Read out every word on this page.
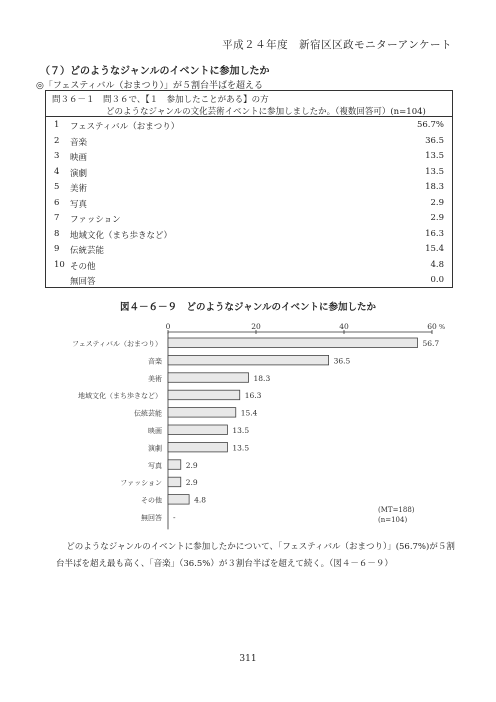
平成２４年度　新宿区区政モニターアンケート
（７）どのようなジャンルのイベントに参加したか
◎「フェスティバル（おまつり）」が５割台半ばを超える
問３６－１　問３６で、【１　参加したことがある】の方
どのようなジャンルの文化芸術イベントに参加しましたか。（複数回答可）(n=104)
1 フェスティバル（おまつり）	56.7%
2 音楽	36.5
3 映画	13.5
4 演劇	13.5
5 美術	18.3
6 写真	2.9
7 ファッション	2.9
8 地域文化（まち歩きなど）	16.3
9 伝統芸能	15.4
10 その他	4.8
無回答	0.0
図４－６－９　どのようなジャンルのイベントに参加したか
0	20	40	60 %
フェスティバル（おまつり）	56.7
音楽	36.5
美術	18.3
地域文化（まち歩きなど）	16.3
伝統芸能	15.4
映画	13.5
演劇	13.5
写真	2.9
ファッション	2.9
その他	4.8
無回答 -
(MT=188)
(n=104)
どのようなジャンルのイベントに参加したかについて、「フェスティバル（おまつり）」(56.7%)が５割台半ばを超え最も高く、「音楽」（36.5%）が３割台半ばを超えて続く。（図４－６－９）
311
